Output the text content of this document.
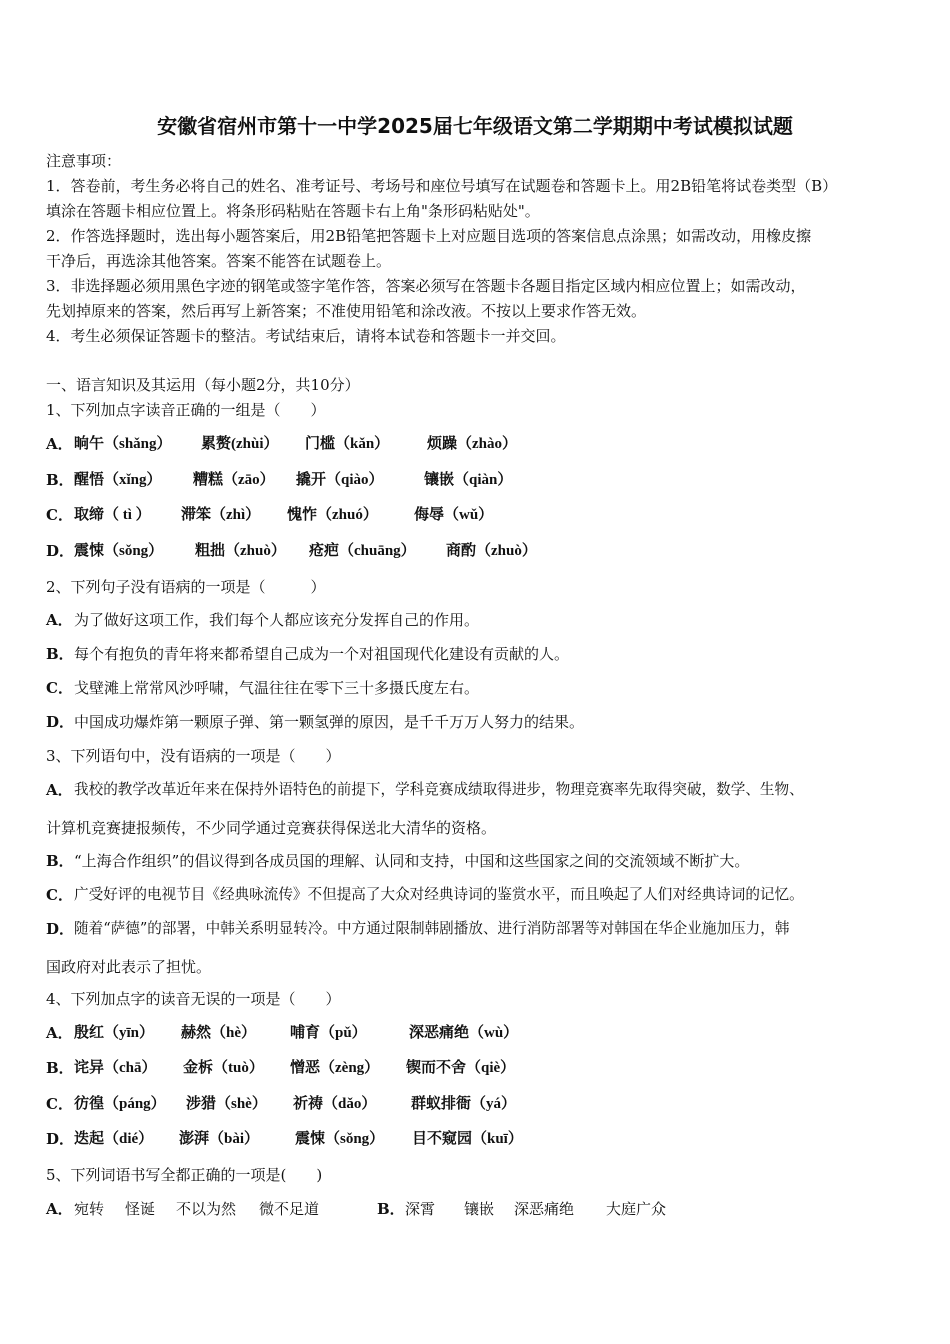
安徽省宿州市第十一中学2025届七年级语文第二学期期中考试模拟试题
注意事项：
1．答卷前，考生务必将自己的姓名、准考证号、考场号和座位号填写在试题卷和答题卡上。用2B铅笔将试卷类型（B）
填涂在答题卡相应位置上。将条形码粘贴在答题卡右上角"条形码粘贴处"。
2．作答选择题时，选出每小题答案后，用2B铅笔把答题卡上对应题目选项的答案信息点涂黑；如需改动，用橡皮擦
干净后，再选涂其他答案。答案不能答在试题卷上。
3．非选择题必须用黑色字迹的钢笔或签字笔作答，答案必须写在答题卡各题目指定区域内相应位置上；如需改动，
先划掉原来的答案，然后再写上新答案；不准使用铅笔和涂改液。不按以上要求作答无效。
4．考生必须保证答题卡的整洁。考试结束后，请将本试卷和答题卡一并交回。
一、语言知识及其运用（每小题2分，共10分）
1、下列加点字读音正确的一组是（　　）
A． 晌午（shǎng） 累赘(zhùi） 门槛（kǎn）	烦躁（zhào）
B． 醒悟（xǐng） 糟糕（zāo） 撬开（qiào）	镶嵌（qiàn）
C． 取缔（ tì ） 滞笨（zhì） 愧怍（zhuó） 侮辱（wǔ）
D． 震悚（sǒng） 粗拙（zhuò） 疮疤（chuāng） 商酌（zhuò）
2、下列句子没有语病的一项是（　　　）
A． 为了做好这项工作，我们每个人都应该充分发挥自己的作用。
B． 每个有抱负的青年将来都希望自己成为一个对祖国现代化建设有贡献的人。
C． 戈壁滩上常常风沙呼啸，气温往往在零下三十多摄氏度左右。
D． 中国成功爆炸第一颗原子弹、第一颗氢弹的原因，是千千万万人努力的结果。
3、下列语句中，没有语病的一项是（　　）
A． 我校的教学改革近年来在保持外语特色的前提下，学科竞赛成绩取得进步，物理竞赛率先取得突破，数学、生物、
计算机竞赛捷报频传，不少同学通过竞赛获得保送北大清华的资格。
B． “上海合作组织”的倡议得到各成员国的理解、认同和支持，中国和这些国家之间的交流领域不断扩大。
C． 广受好评的电视节目《经典咏流传》不但提高了大众对经典诗词的鉴赏水平，而且唤起了人们对经典诗词的记忆。
D． 随着“萨德”的部署，中韩关系明显转冷。中方通过限制韩剧播放、进行消防部署等对韩国在华企业施加压力，韩
国政府对此表示了担忧。
4、下列加点字的读音无误的一项是（　　）
A． 殷红（yīn） 赫然（hè） 哺育（pǔ）	深恶痛绝（wù）
B． 诧异（chā） 金柝（tuò） 憎恶（zèng） 锲而不舍（qiè）
C． 彷徨（páng） 涉猎（shè） 祈祷（dǎo） 群蚁排衙（yá）
D． 迭起（dié） 澎湃（bài） 震悚（sǒng） 目不窥园（kuī）
5、下列词语书写全都正确的一项是(　　)
A． 宛转 怪诞 不以为然 微不足道	B． 深霄 镶嵌 深恶痛绝 大庭广众
